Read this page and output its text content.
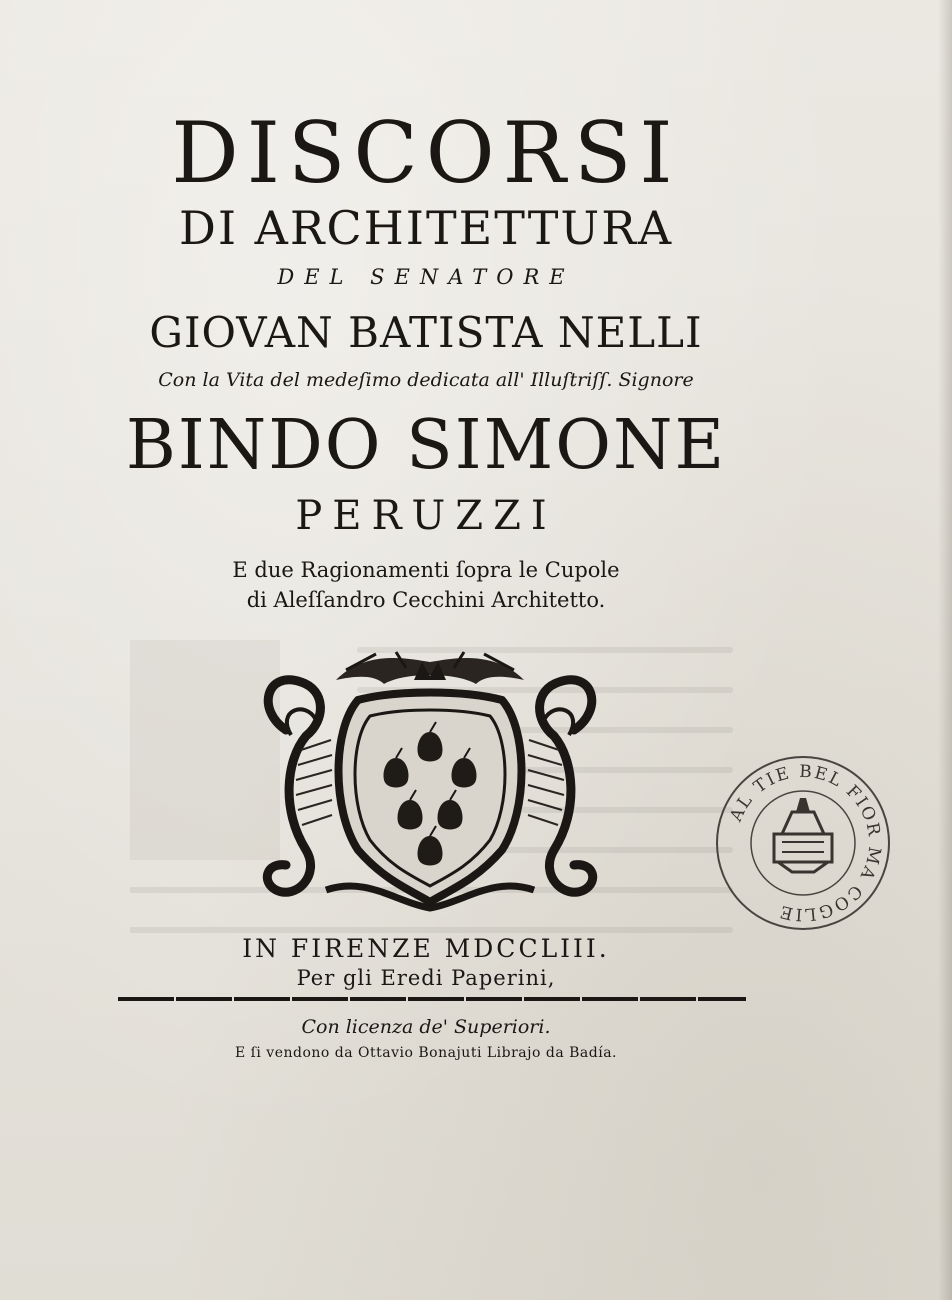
DISCORSI
DI ARCHITETTURA
DEL SENATORE
GIOVAN BATISTA NELLI
Con la Vita del medeſimo dedicata all' Illuſtriſſ. Signore
BINDO SIMONE
PERUZZI
E due Ragionamenti ſopra le Cupole
di Aleſſandro Cecchini Architetto.
AL TIE BEL FIOR MA COGLIE
IN FIRENZE MDCCLIII.
Per gli Eredi Paperini,
Con licenza de' Superiori.
E ſi vendono da Ottavio Bonajuti Librajo da Badía.
